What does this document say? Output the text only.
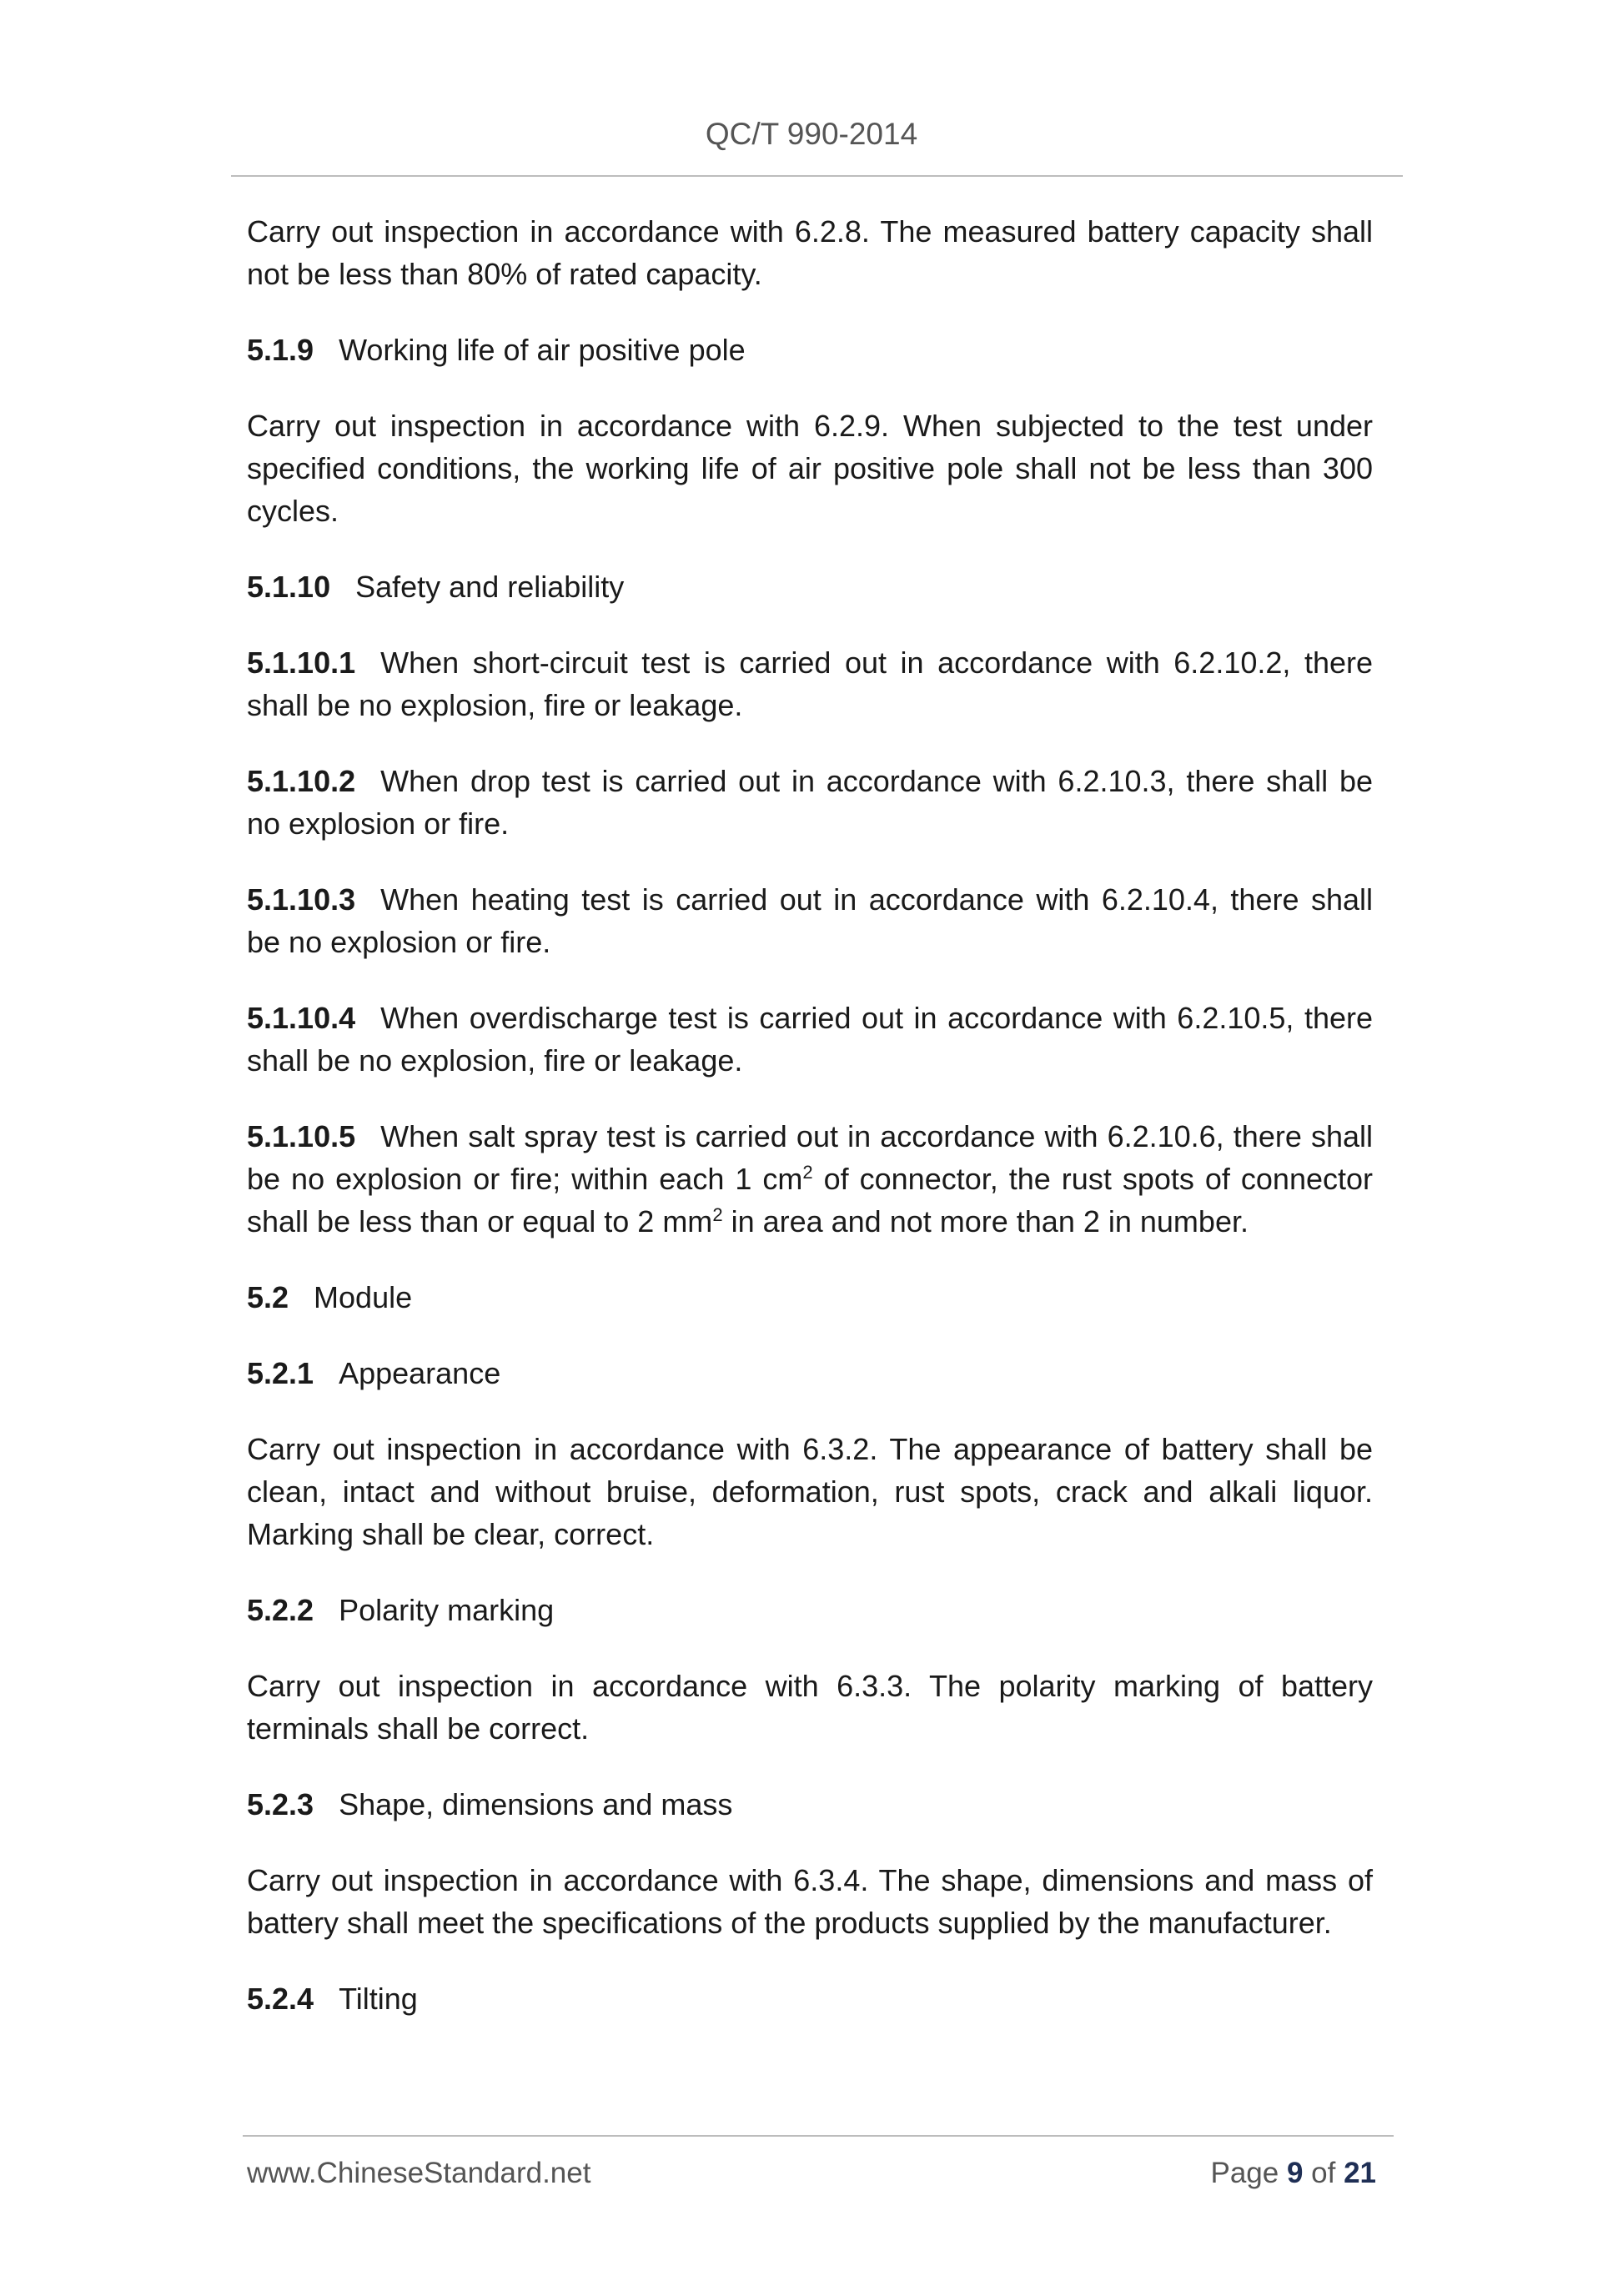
QC/T 990-2014

Carry out inspection in accordance with 6.2.8. The measured battery capacity shall not be less than 80% of rated capacity.

5.1.9 Working life of air positive pole

Carry out inspection in accordance with 6.2.9. When subjected to the test under specified conditions, the working life of air positive pole shall not be less than 300 cycles.

5.1.10 Safety and reliability

5.1.10.1 When short-circuit test is carried out in accordance with 6.2.10.2, there shall be no explosion, fire or leakage.

5.1.10.2 When drop test is carried out in accordance with 6.2.10.3, there shall be no explosion or fire.

5.1.10.3 When heating test is carried out in accordance with 6.2.10.4, there shall be no explosion or fire.

5.1.10.4 When overdischarge test is carried out in accordance with 6.2.10.5, there shall be no explosion, fire or leakage.

5.1.10.5 When salt spray test is carried out in accordance with 6.2.10.6, there shall be no explosion or fire; within each 1 $cm^2$ of connector, the rust spots of connector shall be less than or equal to 2 $mm^2$ in area and not more than 2 in number.

5.2 Module

5.2.1 Appearance

Carry out inspection in accordance with 6.3.2. The appearance of battery shall be clean, intact and without bruise, deformation, rust spots, crack and alkali liquor. Marking shall be clear, correct.

5.2.2 Polarity marking

Carry out inspection in accordance with 6.3.3. The polarity marking of battery terminals shall be correct.

5.2.3 Shape, dimensions and mass

Carry out inspection in accordance with 6.3.4. The shape, dimensions and mass of battery shall meet the specifications of the products supplied by the manufacturer.

5.2.4 Tilting

www.ChineseStandard.net	Page 9 of 21
